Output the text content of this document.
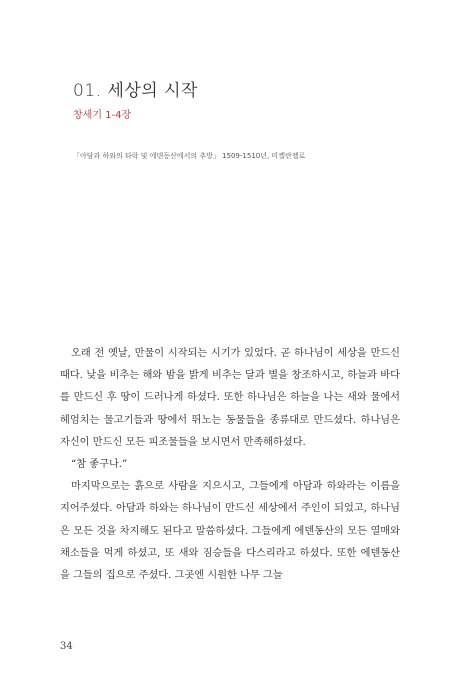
01. 세상의 시작
창세기 1-4장
「아담과 하와의 타락 및 에덴동산에서의 추방」 1509-1510년, 미켈란젤로

오래 전 옛날, 만물이 시작되는 시기가 있었다. 곧 하나님이 세상을 만드신 때다. 낮을 비추는 해와 밤을 밝게 비추는 달과 별을 창조하시고, 하늘과 바다를 만드신 후 땅이 드러나게 하셨다. 또한 하나님은 하늘을 나는 새와 물에서 헤엄치는 물고기들과 땅에서 뛰노는 동물들을 종류대로 만드셨다. 하나님은 자신이 만드신 모든 피조물들을 보시면서 만족해하셨다.

“참 좋구나.”

마지막으로는 흙으로 사람을 지으시고, 그들에게 아담과 하와라는 이름을 지어주셨다. 아담과 하와는 하나님이 만드신 세상에서 주인이 되었고, 하나님은 모든 것을 차지해도 된다고 말씀하셨다. 그들에게 에덴동산의 모든 열매와 채소들을 먹게 하셨고, 또 새와 짐승들을 다스리라고 하셨다. 또한 에덴동산을 그들의 집으로 주셨다. 그곳엔 시원한 나무 그늘

34
